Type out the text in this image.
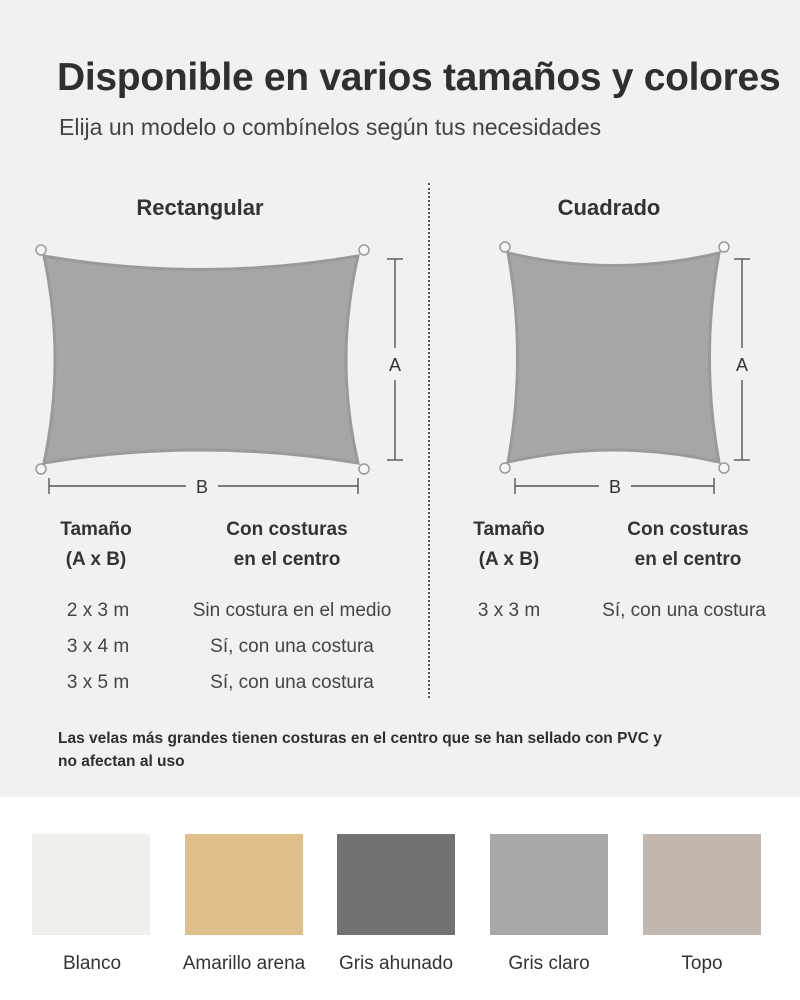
Disponible en varios tamaños y colores
Elija un modelo o combínelos según tus necesidades
Rectangular	Cuadrado
A
B
A
B
Tamaño
(A x B)
Con costuras
en el centro
2 x 3 m	Sin costura en el medio
3 x 4 m	Sí, con una costura
3 x 5 m	Sí, con una costura
Tamaño
(A x B)
Con costuras
en el centro
3 x 3 m	Sí, con una costura
Las velas más grandes tienen costuras en el centro que se han sellado con PVC y no afectan al uso
Blanco	Amarillo arena	Gris ahunado	Gris claro	Topo
